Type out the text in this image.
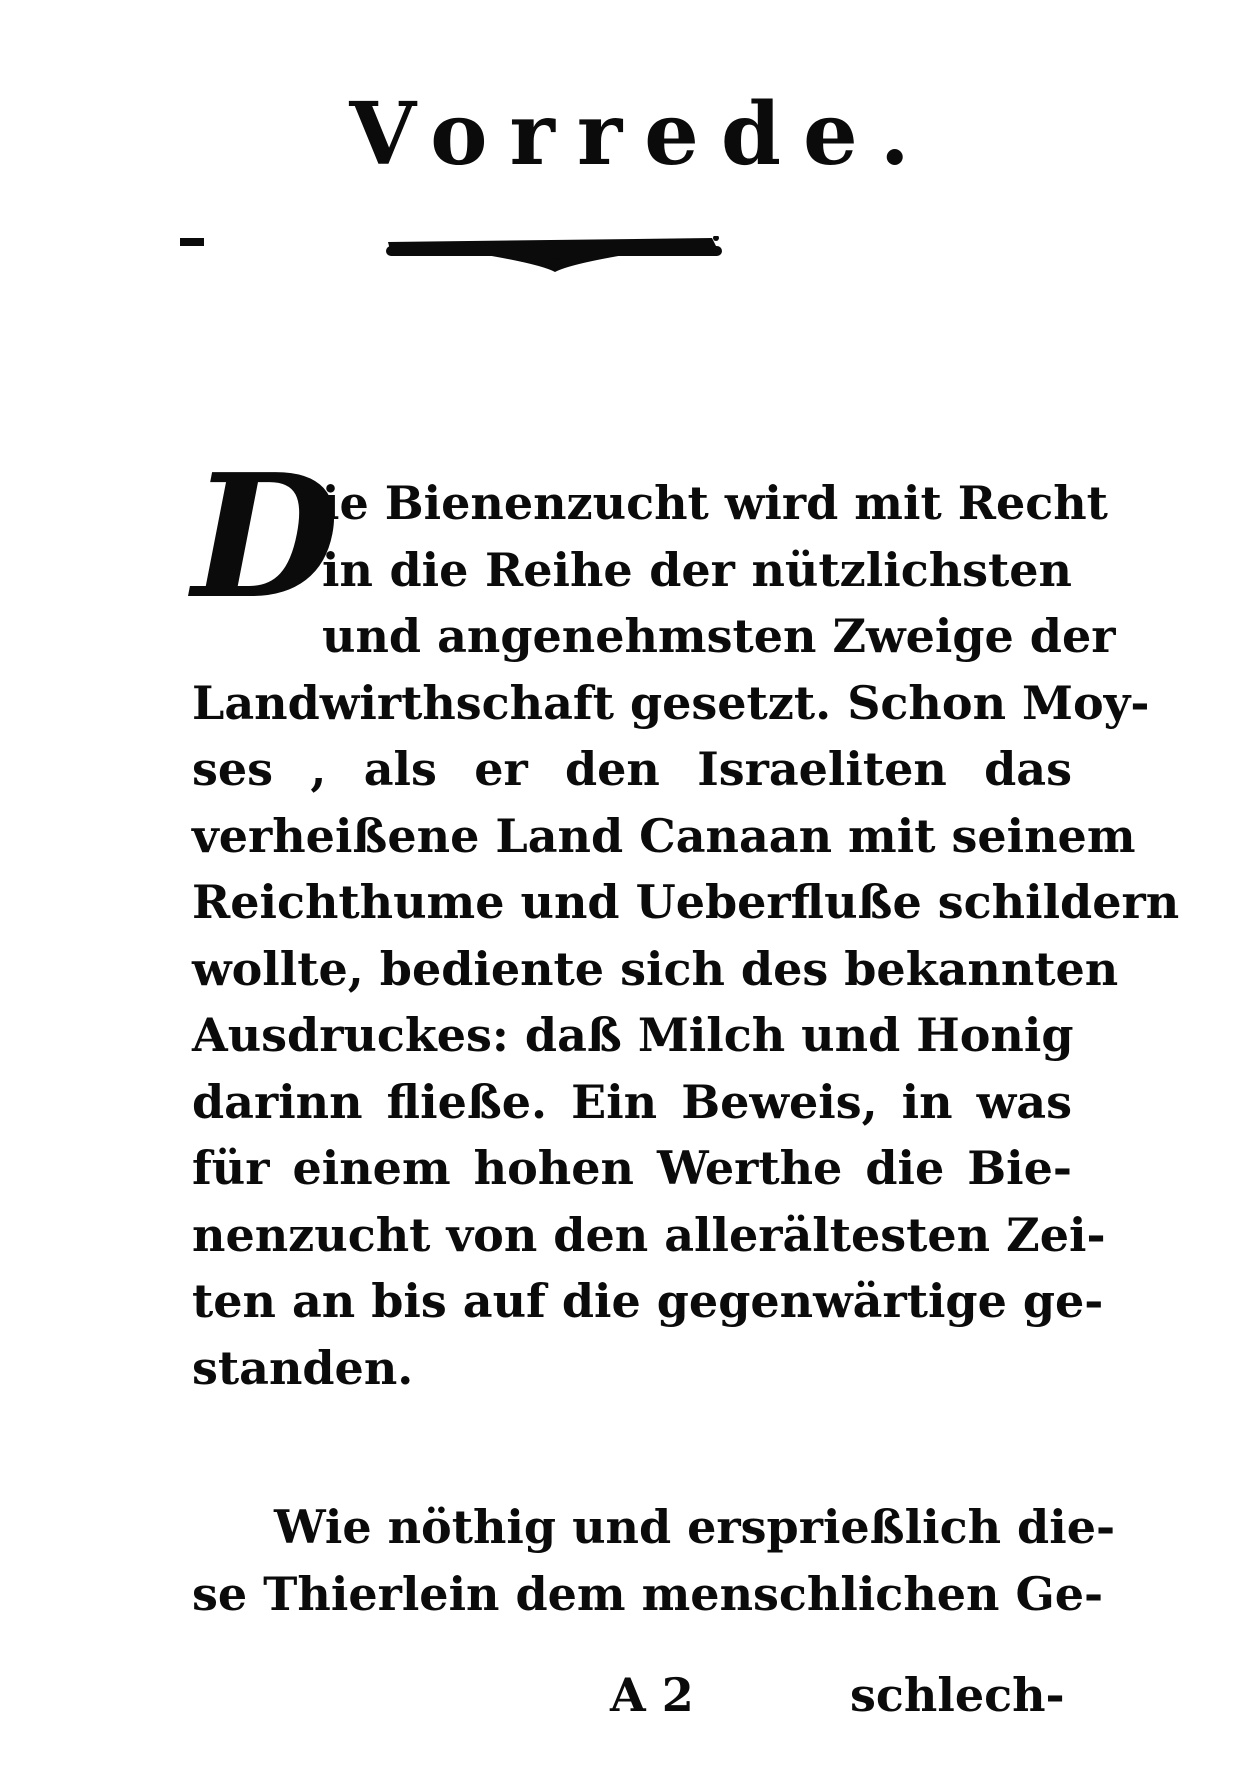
Vorrede.
D
ie Bienenzucht wird mit Recht
in die Reihe der nützlichsten
und angenehmsten Zweige der
Landwirthschaft gesetzt. Schon Moy-
ses , als er den Israeliten das
verheißene Land Canaan mit seinem
Reichthume und Ueberfluße schildern
wollte, bediente sich des bekannten
Ausdruckes: daß Milch und Honig
darinn fließe. Ein Beweis, in was
für einem hohen Werthe die Bie-
nenzucht von den allerältesten Zei-
ten an bis auf die gegenwärtige ge-
standen.
Wie nöthig und ersprießlich die-
se Thierlein dem menschlichen Ge-
A 2	schlech-
